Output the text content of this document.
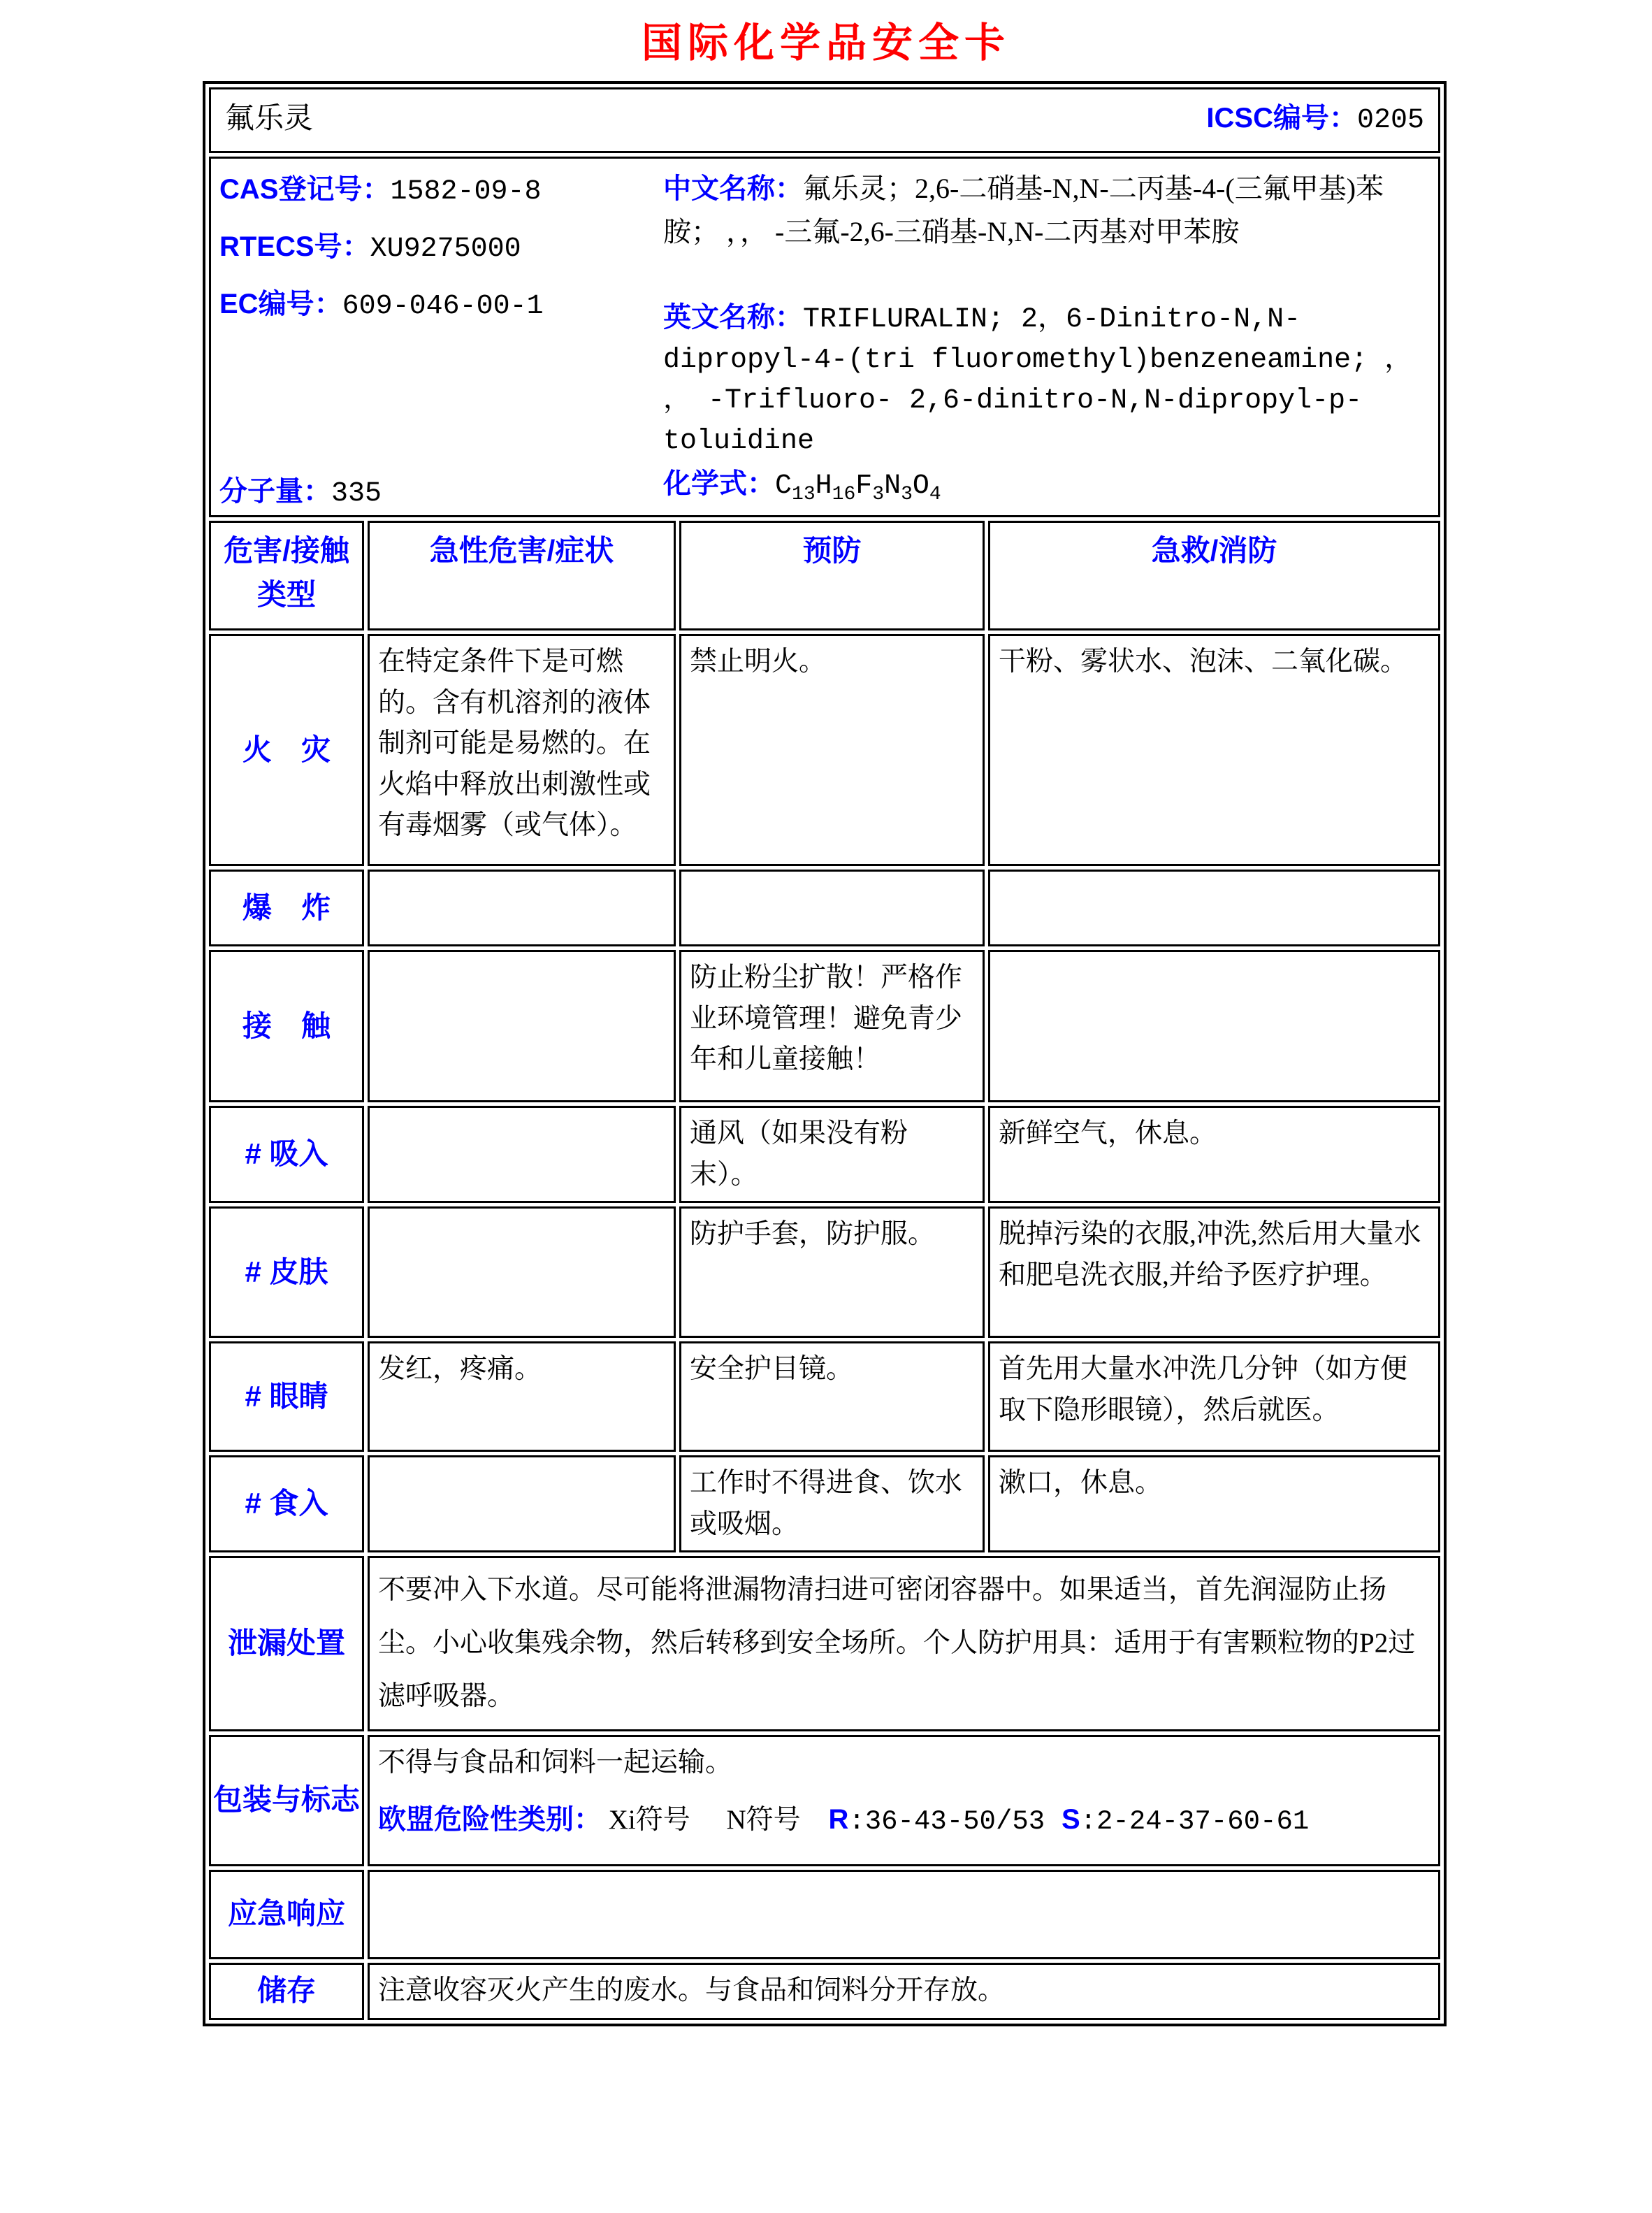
国际化学品安全卡
氟乐灵 ICSC编号：0205			

CAS登记号：1582-09-8
RTECS号：XU9275000
EC编号：609-046-00-1
分子量：335

中文名称：氟乐灵；2,6-二硝基-N,N-二丙基-4-(三氟甲基)苯胺； ，， -三氟-2,6-三硝基-N,N-二丙基对甲苯胺

英文名称：TRIFLURALIN; 2，6-Dinitro-N,N-dipropyl-4-(tri fluoromethyl)benzeneamine; ， ， -Trifluoro- 2,6-dinitro-N,N-dipropyl-p-toluidine

化学式：$C_{13}H_{16}F_3N_3O_4$

危害/接触类型	急性危害/症状	预防	急救/消防
火　灾	在特定条件下是可燃的。含有机溶剂的液体制剂可能是易燃的。在火焰中释放出刺激性或有毒烟雾（或气体）。	禁止明火。	干粉、雾状水、泡沫、二氧化碳。
爆　炸			
接　触		防止粉尘扩散！严格作业环境管理！避免青少年和儿童接触！	
# 吸入		通风（如果没有粉末）。	新鲜空气，休息。
# 皮肤		防护手套，防护服。	脱掉污染的衣服,冲洗,然后用大量水和肥皂洗衣服,并给予医疗护理。
# 眼睛	发红，疼痛。	安全护目镜。	首先用大量水冲洗几分钟（如方便取下隐形眼镜），然后就医。
# 食入		工作时不得进食、饮水或吸烟。	漱口，休息。
泄漏处置	不要冲入下水道。尽可能将泄漏物清扫进可密闭容器中。如果适当，首先润湿防止扬尘。小心收集残余物，然后转移到安全场所。个人防护用具：适用于有害颗粒物的P2过滤呼吸器。		
包装与标志	不得与食品和饲料一起运输。

欧盟危险性类别： Xi符号 N符号 R:36-43-50/53 S:2-24-37-60-61		

应急响应			
储存	注意收容灭火产生的废水。与食品和饲料分开存放。		
